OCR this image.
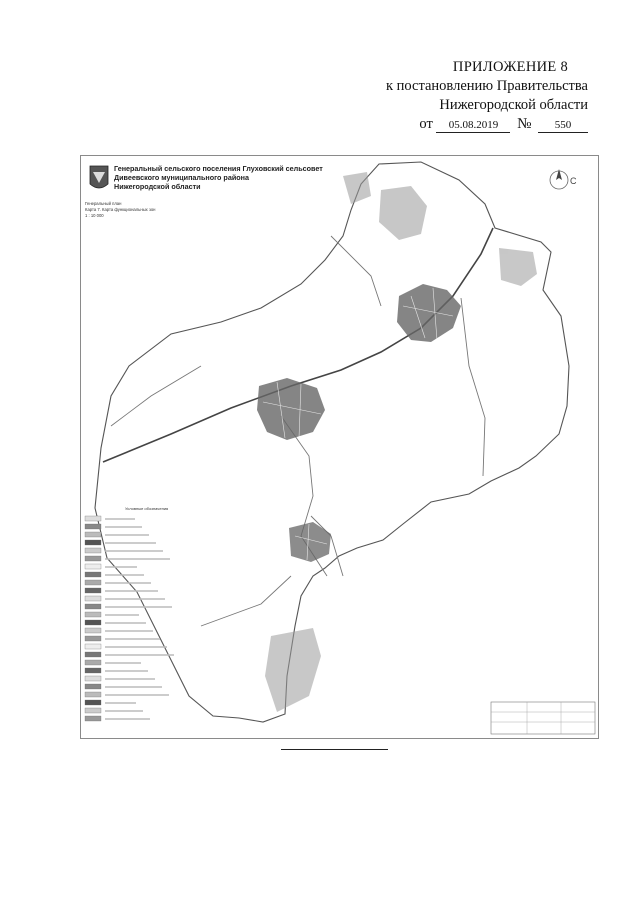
ПРИЛОЖЕНИЕ 8
к постановлению Правительства
Нижегородской области
от 05.08.2019 № 550
Генеральный сельского поселения Глуховский сельсовет
Дивеевского муниципального района
Нижегородской области
Генеральный план
Карта 7. Карта функциональных зон
1 : 10 000
С
Условные обозначения
